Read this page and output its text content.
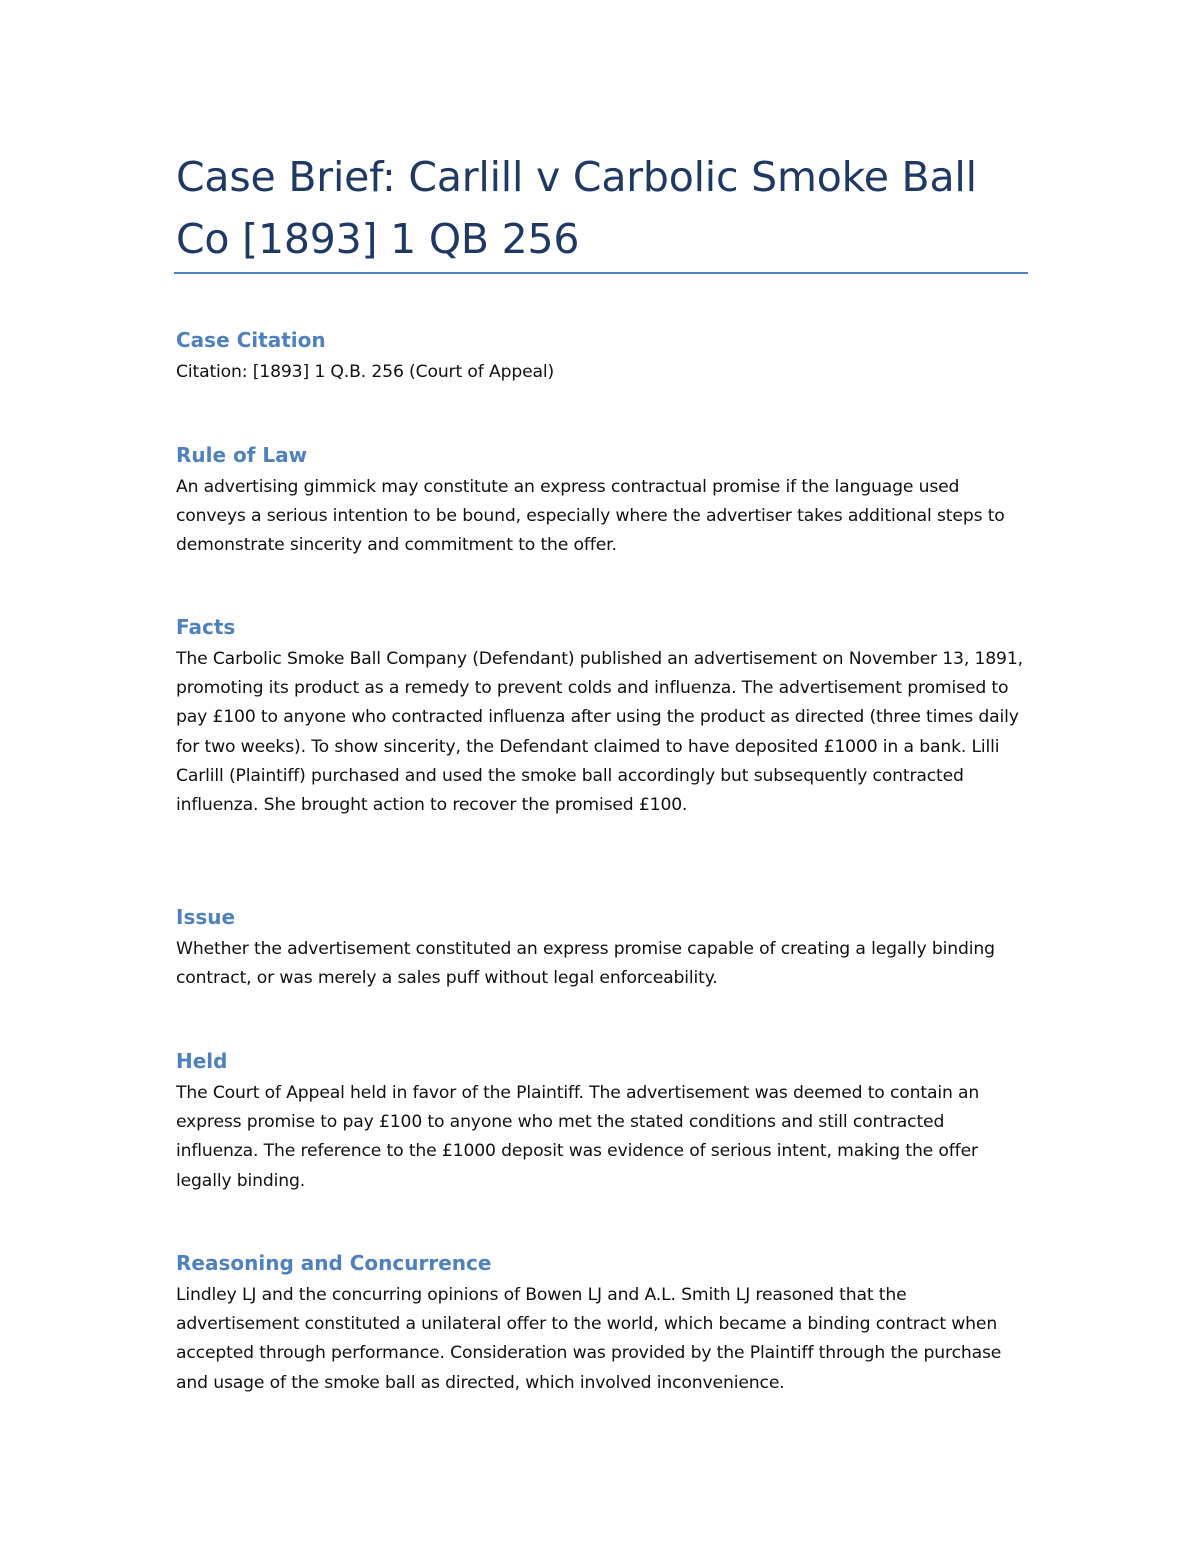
Case Brief: Carlill v Carbolic Smoke Ball Co [1893] 1 QB 256
Case Citation

Citation: [1893] 1 Q.B. 256 (Court of Appeal)

Rule of Law

An advertising gimmick may constitute an express contractual promise if the language used conveys a serious intention to be bound, especially where the advertiser takes additional steps to demonstrate sincerity and commitment to the offer.

Facts

The Carbolic Smoke Ball Company (Defendant) published an advertisement on November 13, 1891, promoting its product as a remedy to prevent colds and influenza. The advertisement promised to pay £100 to anyone who contracted influenza after using the product as directed (three times daily for two weeks). To show sincerity, the Defendant claimed to have deposited £1000 in a bank. Lilli Carlill (Plaintiff) purchased and used the smoke ball accordingly but subsequently contracted influenza. She brought action to recover the promised £100.

Issue

Whether the advertisement constituted an express promise capable of creating a legally binding contract, or was merely a sales puff without legal enforceability.

Held

The Court of Appeal held in favor of the Plaintiff. The advertisement was deemed to contain an express promise to pay £100 to anyone who met the stated conditions and still contracted influenza. The reference to the £1000 deposit was evidence of serious intent, making the offer legally binding.

Reasoning and Concurrence

Lindley LJ and the concurring opinions of Bowen LJ and A.L. Smith LJ reasoned that the advertisement constituted a unilateral offer to the world, which became a binding contract when accepted through performance. Consideration was provided by the Plaintiff through the purchase and usage of the smoke ball as directed, which involved inconvenience.
